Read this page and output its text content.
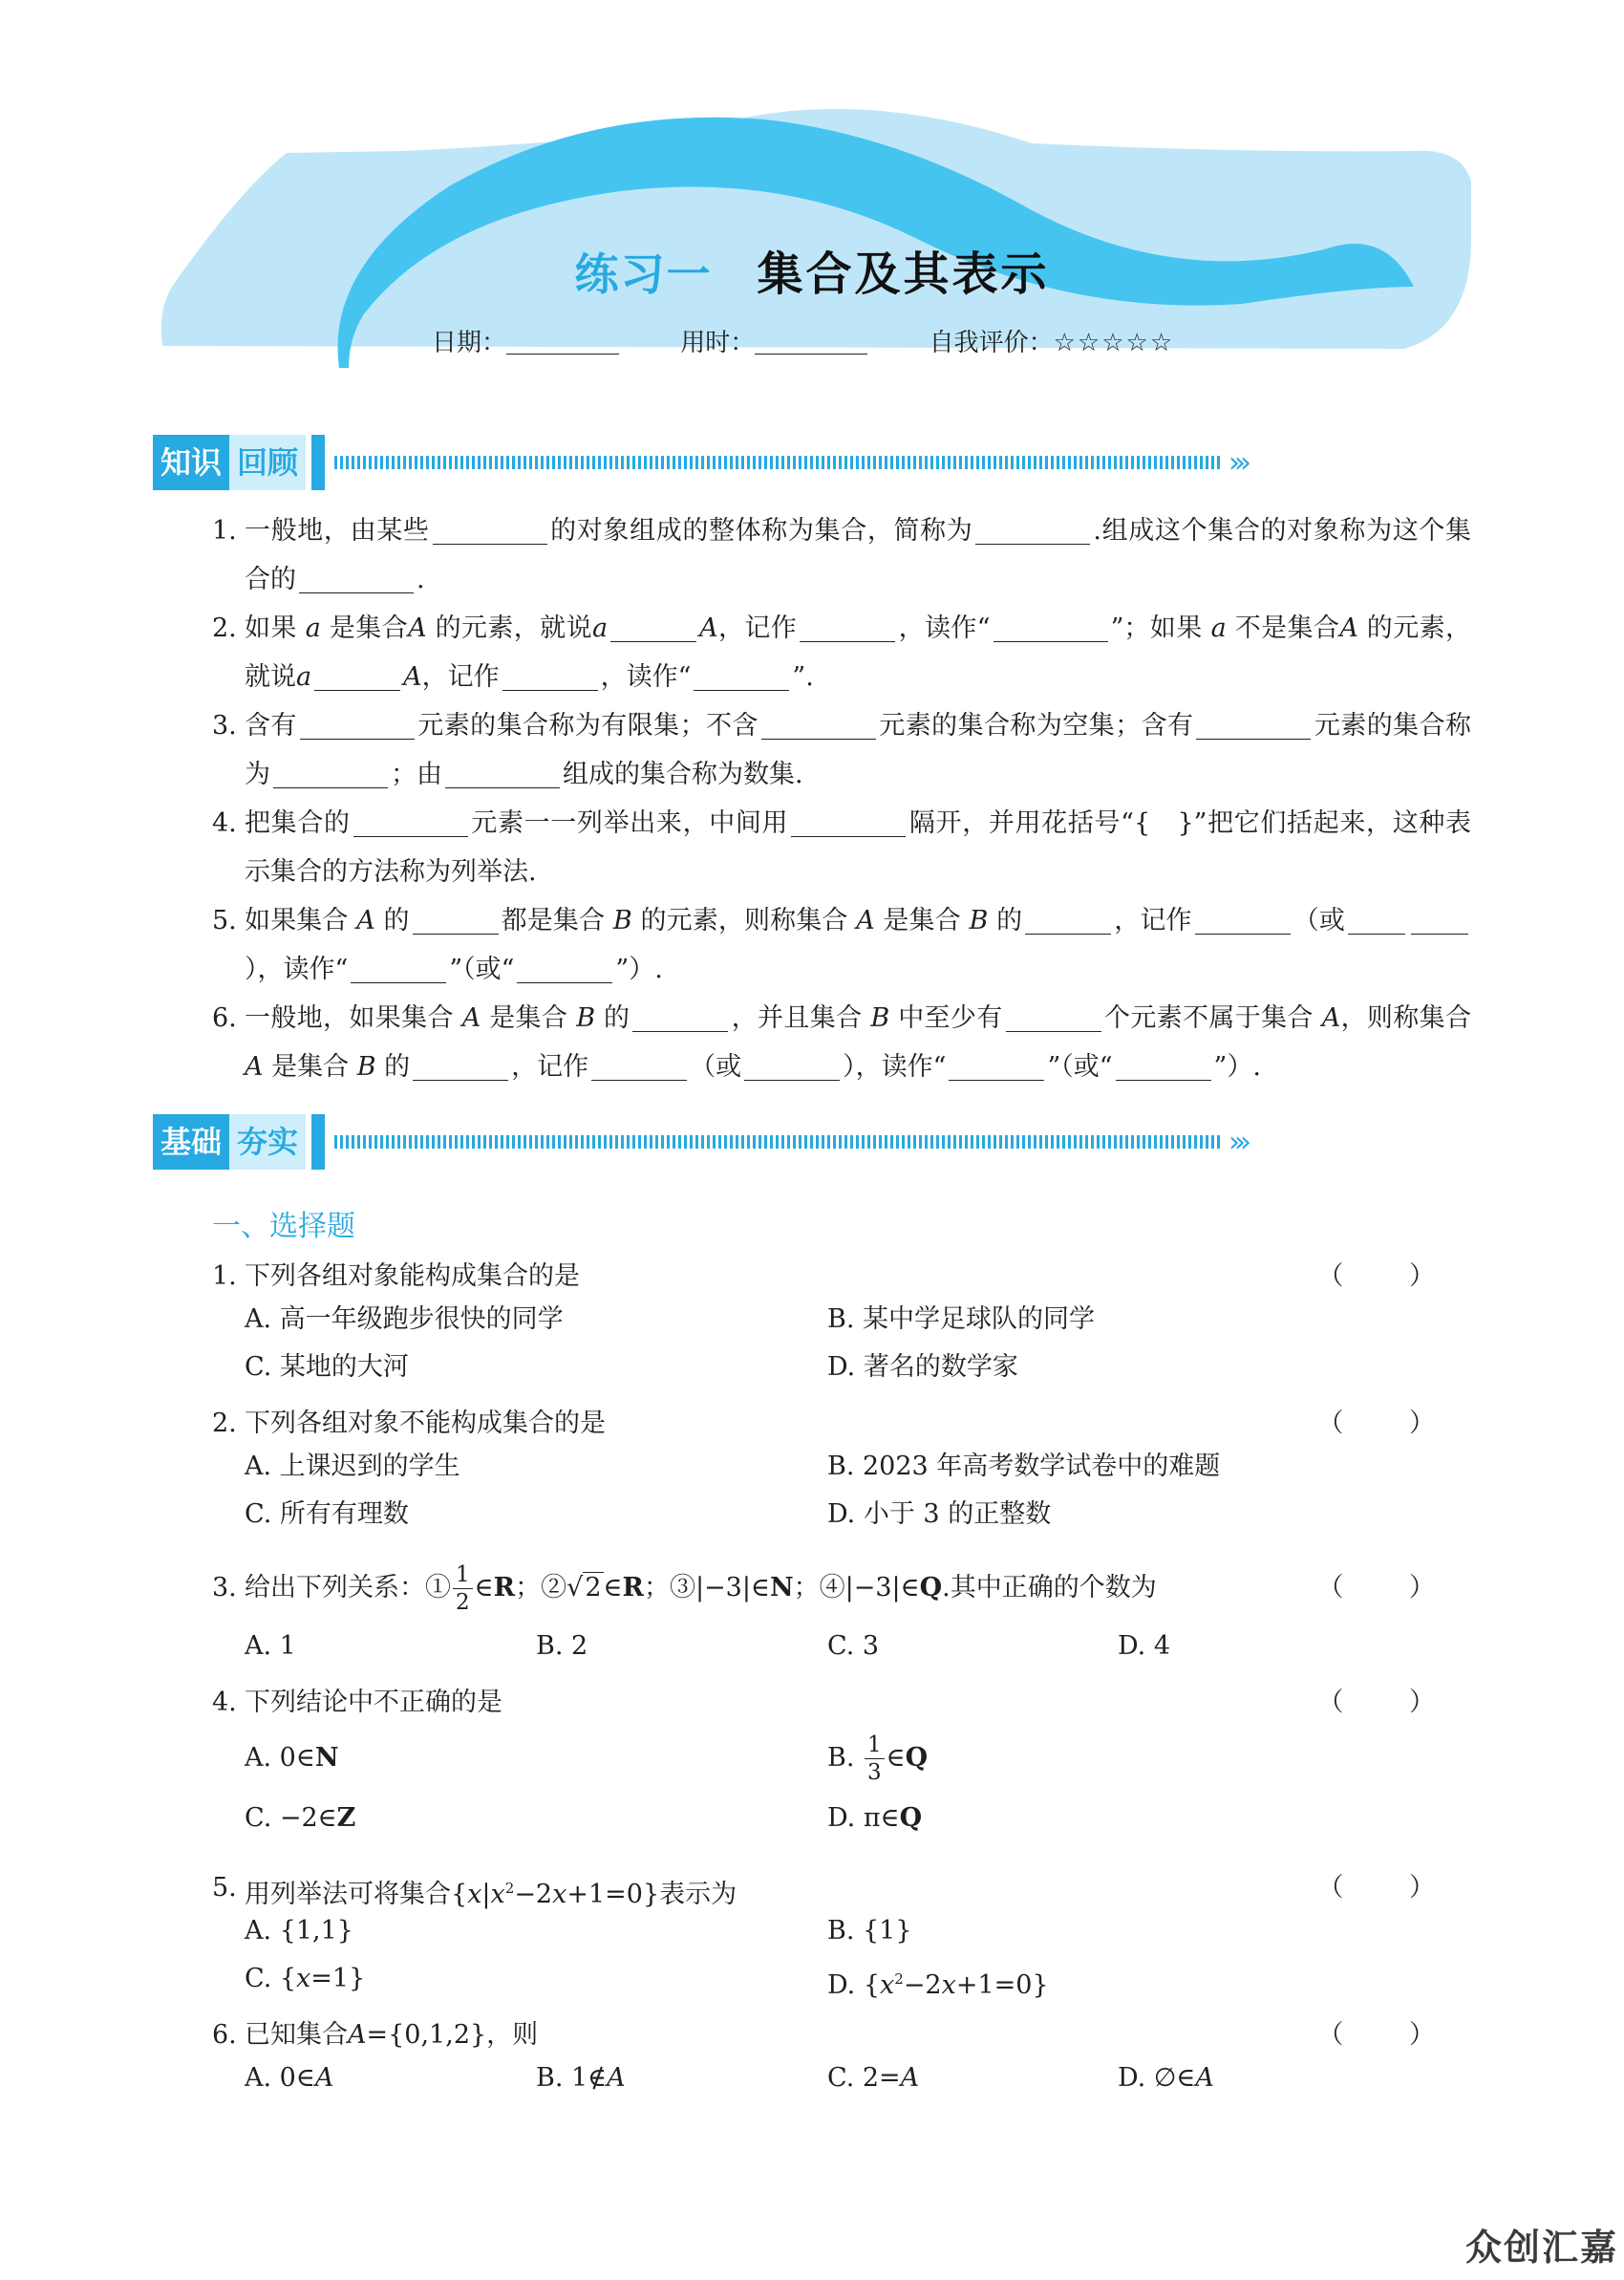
练习一 集合及其表示
日期：	用时：	自我评价：☆☆☆☆☆
知识 回顾	›››
1. 一般地，由某些	的对象组成的整体称为集合，简称为	.组成这个集合的对象称为这个集合的	.
2. 如果 a 是集合A 的元素，就说a	A，记作	，读作“	”；如果 a 不是集合A 的元素，就说a	A，记作	，读作“	”.
3. 含有	元素的集合称为有限集；不含	元素的集合称为空集；含有	元素的集合称为	；由	组成的集合称为数集.
4. 把集合的	元素一一列举出来，中间用	隔开，并用花括号“{　}”把它们括起来，这种表示集合的方法称为列举法.
5. 如果集合 A 的	都是集合 B 的元素，则称集合 A 是集合 B 的	，记作	（或），读作“	”（或“	”）.
6. 一般地，如果集合 A 是集合 B 的	，并且集合 B 中至少有	个元素不属于集合 A，则称集合 A 是集合 B 的	，记作	（或	），读作“	”（或“	”）.
基础 夯实	›››
一、选择题
1. 下列各组对象能构成集合的是	（ ）
A. 高一年级跑步很快的同学	B. 某中学足球队的同学
C. 某地的大河	D. 著名的数学家
2. 下列各组对象不能构成集合的是	（ ）
A. 上课迟到的学生	B. 2023 年高考数学试卷中的难题
C. 所有有理数	D. 小于 3 的正整数
3. 给出下列关系：① $\frac{1}{2}$ ∈R；②√2∈R；③|−3|∈N；④|−3|∈Q.其中正确的个数为	（ ）
A. 1	B. 2	C. 3	D. 4
4. 下列结论中不正确的是	（ ）
A. 0∈N	B. $\frac{1}{3}$ ∈Q
C. −2∈Z	D. π∈Q
5. 用列举法可将集合$\{x|x^2-2x+1=0\}$表示为	（ ）
A. {1,1}	B. {1}
C. {x=1}	D. $\{x^2-2x+1=0\}$
6. 已知集合A={0,1,2}，则	（ ）
A. 0∈A	B. 1∉A	C. 2=A	D. ∅∈A
众创汇嘉
